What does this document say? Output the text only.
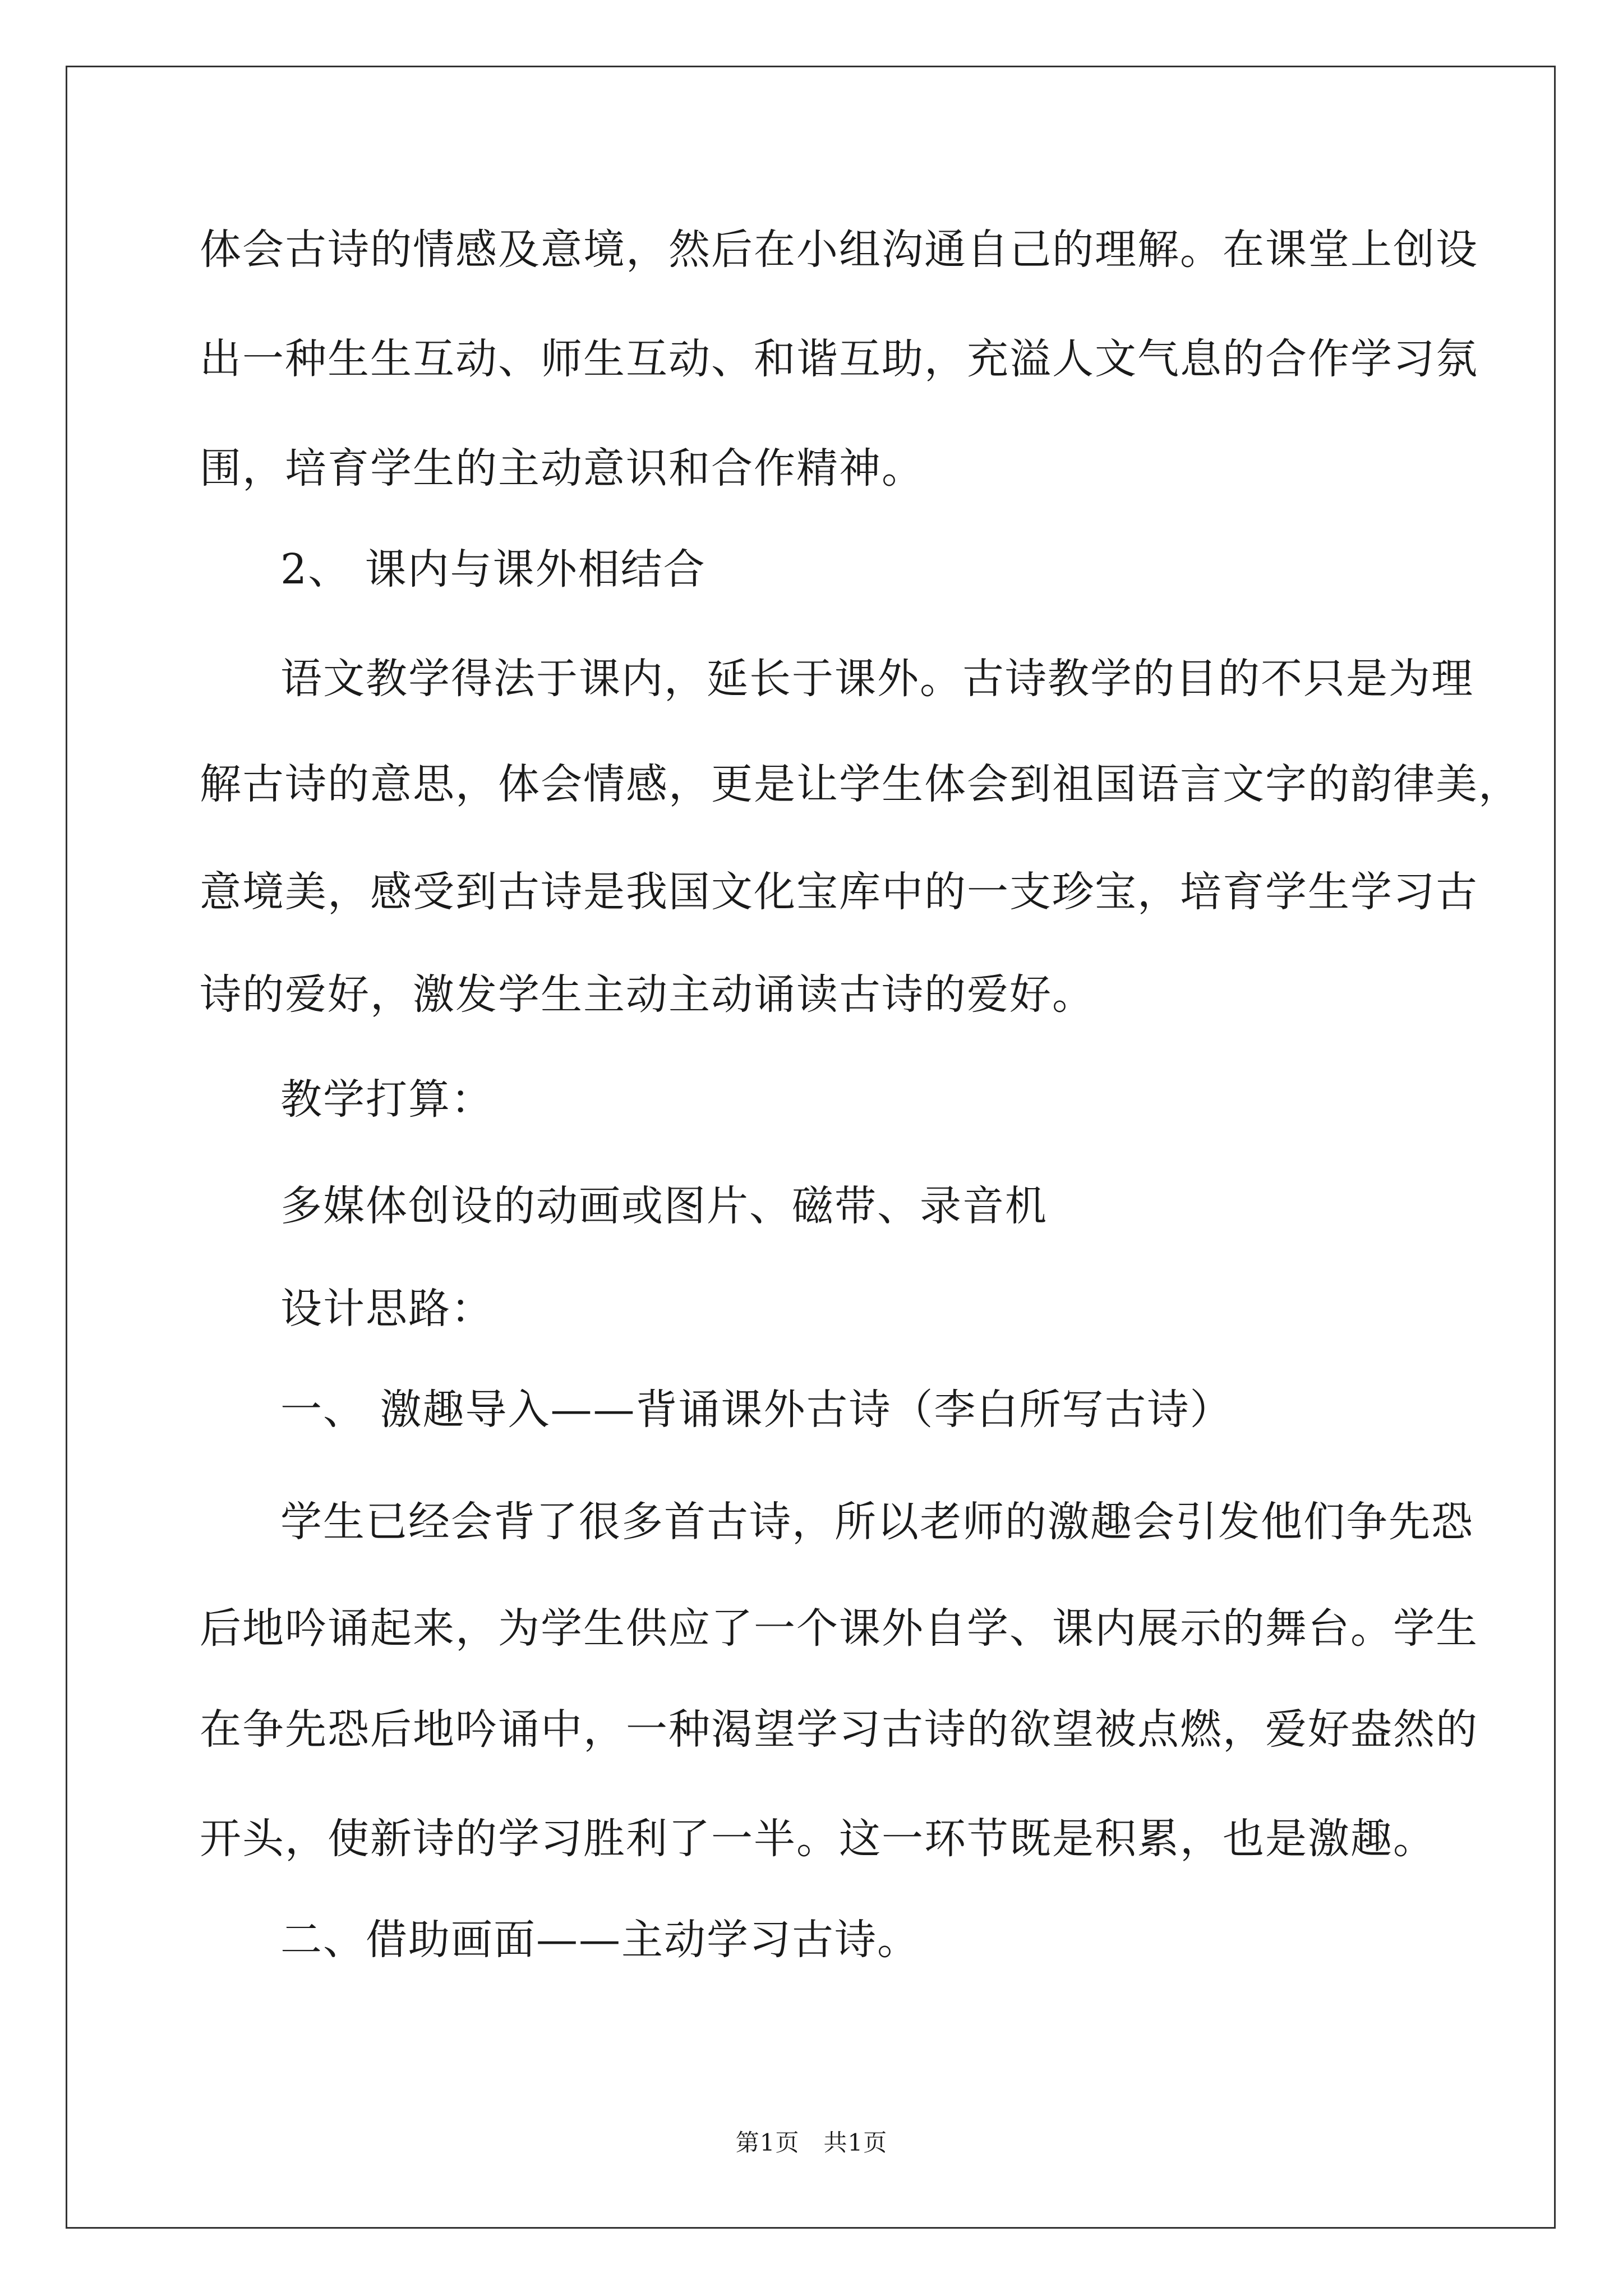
体会古诗的情感及意境，然后在小组沟通自己的理解。在课堂上创设
出一种生生互动、师生互动、和谐互助，充溢人文气息的合作学习氛
围，培育学生的主动意识和合作精神。
2、 课内与课外相结合
语文教学得法于课内，延长于课外。古诗教学的目的不只是为理
解古诗的意思，体会情感，更是让学生体会到祖国语言文字的韵律美，
意境美，感受到古诗是我国文化宝库中的一支珍宝，培育学生学习古
诗的爱好，激发学生主动主动诵读古诗的爱好。
教学打算：
多媒体创设的动画或图片、磁带、录音机
设计思路：
一、 激趣导入——背诵课外古诗（李白所写古诗）
学生已经会背了很多首古诗，所以老师的激趣会引发他们争先恐
后地吟诵起来，为学生供应了一个课外自学、课内展示的舞台。学生
在争先恐后地吟诵中，一种渴望学习古诗的欲望被点燃，爱好盎然的
开头，使新诗的学习胜利了一半。这一环节既是积累，也是激趣。
二、借助画面——主动学习古诗。
第1页　共1页
